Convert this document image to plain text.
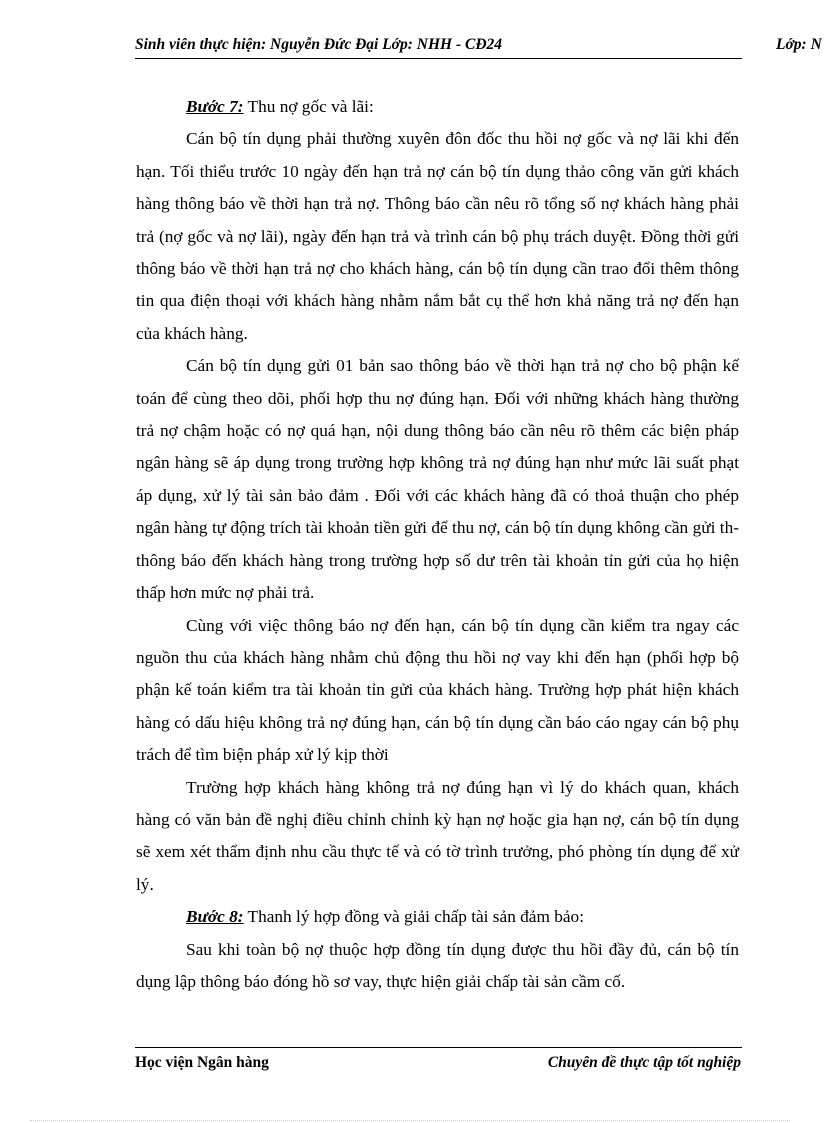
Sinh viên thực hiện: Nguyễn Đức Đại Lớp: NHH - CĐ24	Lớp: N

Bước 7: Thu nợ gốc và lãi:

Cán bộ tín dụng phải thường xuyên đôn đốc thu hồi nợ gốc và nợ lãi khi đến hạn. Tối thiểu trước 10 ngày đến hạn trả nợ cán bộ tín dụng thảo công văn gửi khách hàng thông báo về thời hạn trả nợ. Thông báo cần nêu rõ tổng số nợ khách hàng phải trả (nợ gốc và nợ lãi), ngày đến hạn trả và trình cán bộ phụ trách duyệt. Đồng thời gửi thông báo về thời hạn trả nợ cho khách hàng, cán bộ tín dụng cần trao đổi thêm thông tin qua điện thoại với khách hàng nhằm nắm bắt cụ thể hơn khả năng trả nợ đến hạn của khách hàng.

Cán bộ tín dụng gửi 01 bản sao thông báo về thời hạn trả nợ cho bộ phận kế toán để cùng theo dõi, phối hợp thu nợ đúng hạn. Đối với những khách hàng thường trả nợ chậm hoặc có nợ quá hạn, nội dung thông báo cần nêu rõ thêm các biện pháp ngân hàng sẽ áp dụng trong trường hợp không trả nợ đúng hạn như mức lãi suất phạt áp dụng, xử lý tài sản bảo đảm . Đối với các khách hàng đã có thoả thuận cho phép ngân hàng tự động trích tài khoản tiền gửi để thu nợ, cán bộ tín dụng không cần gửi th- thông báo đến khách hàng trong trường hợp số dư trên tài khoản tỉn gửi của họ hiện thấp hơn mức nợ phải trả.

Cùng với việc thông báo nợ đến hạn, cán bộ tín dụng cần kiểm tra ngay các nguồn thu của khách hàng nhằm chủ động thu hồi nợ vay khi đến hạn (phối hợp bộ phận kế toán kiểm tra tài khoản tỉn gửi của khách hàng. Trường hợp phát hiện khách hàng có dấu hiệu không trả nợ đúng hạn, cán bộ tín dụng cần báo cáo ngay cán bộ phụ trách để tìm biện pháp xử lý kịp thời

Trường hợp khách hàng không trả nợ đúng hạn vì lý do khách quan, khách hàng có văn bản đề nghị điều chỉnh chỉnh kỳ hạn nợ hoặc gia hạn nợ, cán bộ tín dụng sẽ xem xét thẩm định nhu cầu thực tế và có tờ trình trưởng, phó phòng tín dụng để xử lý.

Bước 8: Thanh lý hợp đồng và giải chấp tài sản đảm bảo:

Sau khi toàn bộ nợ thuộc hợp đồng tín dụng được thu hồi đầy đủ, cán bộ tín dụng lập thông báo đóng hồ sơ vay, thực hiện giải chấp tài sản cầm cố.

Học viện Ngân hàng	Chuyên đề thực tập tốt nghiệp
